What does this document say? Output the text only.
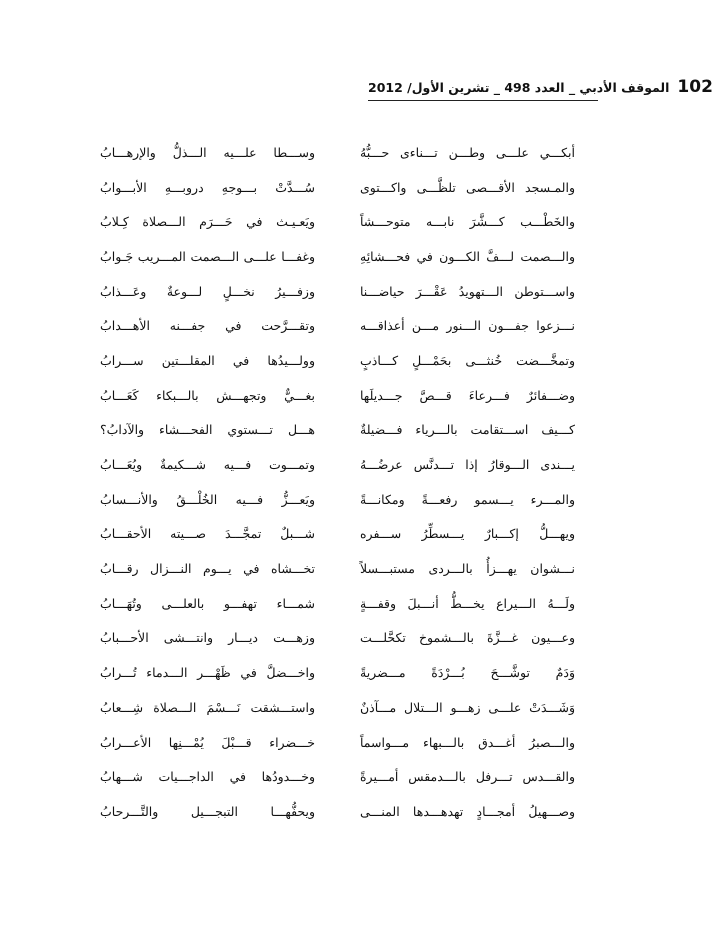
102
الموقف الأدبي _ العدد 498 _ تشرين الأول/ 2012
أبكـــي علـــى وطـــن تـــناءى حـــبُّهُ
وســـطا علـــيه الـــذلُّ والإرهـــابُ
والمـسجد الأقـــصى تلظَّـــى واكـــتوى
سُـــدَّتْ بـــوجهِ دروبـــهِ الأبـــوابُ
والخَطْـــب كـــشَّرَ نابـــه متوحـــشاً
ويَعـيـث في حَـــرَم الـــصلاة كِـلابُ
والـــصمت لـــفَّ الكـــون في فحـــشائِهِ
وغفـــا علـــى الـــصمت المـــريب جَـوابُ
واســـتوطن الـــتهويدُ عَقْـــرَ حياضـــنا
وزفـــيرُ نخـــلٍ لـــوعةٌ وعَـــذابُ
نـــزعوا جفـــون الـــنور مـــن أعذاقـــه
وتقـــرَّحت في جفـــنه الأهـــدابُ
وتمخَّـــضت خُنثـــى بحَمْـــلٍ كـــاذبٍ
وولـــيدُها في المقلـــتين ســـرابُ
وضـــفائرٌ فـــرعاءَ قـــصَّ جـــديلَها
بغـــيٌّ وتجهـــش بالـــبكاء كَعَـــابُ
كـــيف اســـتقامت بالـــرياء فـــضيلةٌ
هـــل تـــستوي الفحـــشاء والآدابُ؟
يـــندى الـــوقارُ إذا تـــدنَّس عرضُـــهُ
وتمـــوت فـــيه شـــكيمةٌ ويُعَـــابُ
والمـــرء يـــسمو رفعـــةً ومكانـــةً
ويَعـــزُّ فـــيه الخُلْـــقُ والأنـــسابُ
ويهـــلُّ إكـــبارٌ يـــسطِّرُ ســـفره
شـــبلٌ تمجَّـــدَ صـــيته الأحقـــابُ
نـــشوان يهـــزأُ بالـــردى مستبـــسلاً
تخـــشاه في يـــوم النـــزال رقـــابُ
ولَـــهُ الـــيراع يخـــطُّ أنـــبلَ وقفـــةٍ
شمـــاء تهفـــو بالعلـــى وتُهَـــابُ
وعـــيون غـــزَّةَ بالـــشموخ تكحَّلـــت
وزهـــت ديـــار وانتـــشى الأحـــبابُ
وَدَمٌ توشَّـــحَ بُـــرْدَةً مـــضريةً
واخـــضلَّ في ظَهْـــر الـــدماء تُـــرابُ
وَشَـــدَتْ علـــى زهـــو الـــتلال مـــآذنٌ
واستـــشقت نَـــسْمَ الـــصلاة شِـــعابُ
والـــصبرُ أغـــدق بالـــبهاء مـــواسماً
خـــضراء قـــبْلَ يُمْـــنِها الأعـــرابُ
والقـــدس تـــرفل بالـــدمقس أمـــيرةً
وخـــدودُها في الداجـــيات شـــهابُ
وصـــهيلُ أمجـــادٍ تهدهـــدها المنـــى
ويحفُّهـــا التبجـــيل والتَّـــرحابُ
